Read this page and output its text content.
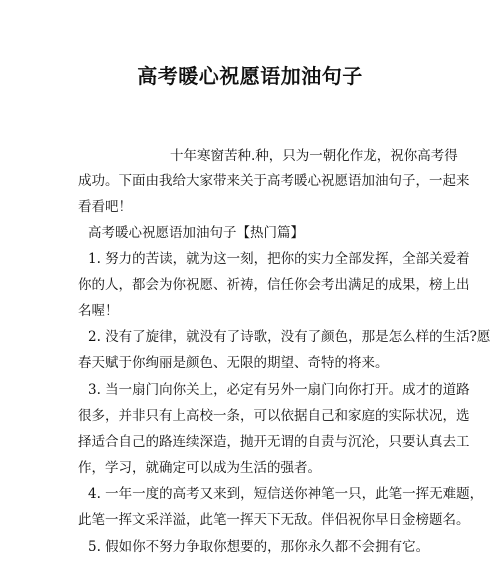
高考暖心祝愿语加油句子
十年寒窗苦种.种，只为一朝化作龙，祝你高考得
成功。下面由我给大家带来关于高考暖心祝愿语加油句子，一起来
看看吧！
高考暖心祝愿语加油句子【热门篇】
1. 努力的苦读，就为这一刻，把你的实力全部发挥，全部关爱着
你的人，都会为你祝愿、祈祷，信任你会考出满足的成果，榜上出
名喔！
2. 没有了旋律，就没有了诗歌，没有了颜色，那是怎么样的生活?愿
春天赋于你绚丽是颜色、无限的期望、奇特的将来。
3. 当一扇门向你关上，必定有另外一扇门向你打开。成才的道路
很多，并非只有上高校一条，可以依据自己和家庭的实际状况，选
择适合自己的路连续深造，抛开无谓的自责与沉沦，只要认真去工
作，学习，就确定可以成为生活的强者。
4. 一年一度的高考又来到，短信送你神笔一只，此笔一挥无难题，
此笔一挥文采洋溢，此笔一挥天下无敌。伴侣祝你早日金榜题名。
5. 假如你不努力争取你想要的，那你永久都不会拥有它。
